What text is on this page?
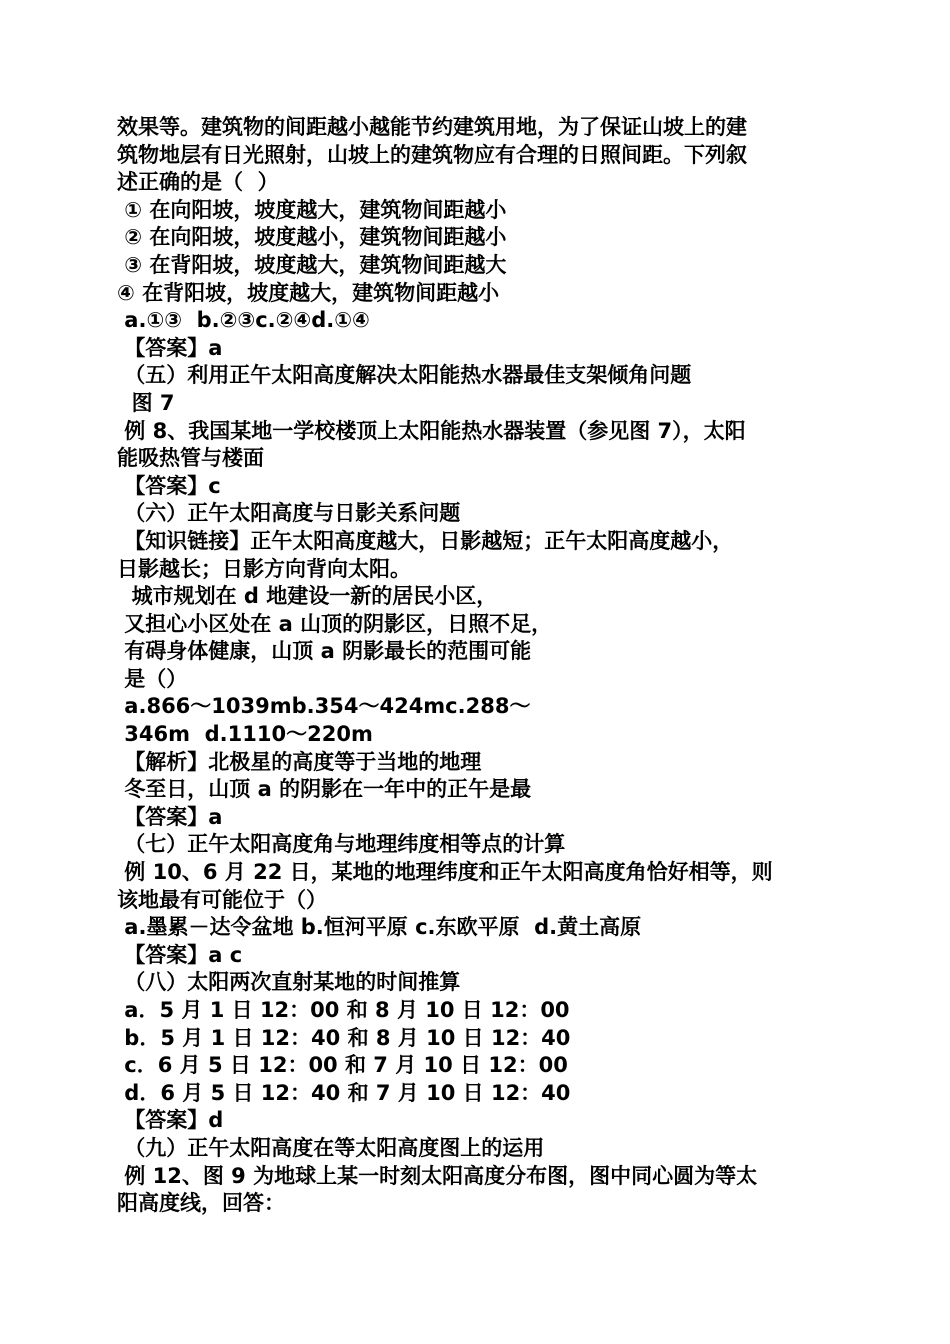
效果等。建筑物的间距越小越能节约建筑用地，为了保证山坡上的建
筑物地层有日光照射，山坡上的建筑物应有合理的日照间距。下列叙
述正确的是（  ）
① 在向阳坡，坡度越大，建筑物间距越小
② 在向阳坡，坡度越小，建筑物间距越小
③ 在背阳坡，坡度越大，建筑物间距越大
④ 在背阳坡，坡度越大，建筑物间距越小
a.①③  b.②③c.②④d.①④
【答案】a
（五）利用正午太阳高度解决太阳能热水器最佳支架倾角问题
图 7
例 8、我国某地一学校楼顶上太阳能热水器装置（参见图 7），太阳
能吸热管与楼面
【答案】c
（六）正午太阳高度与日影关系问题
【知识链接】正午太阳高度越大，日影越短；正午太阳高度越小，
日影越长；日影方向背向太阳。
城市规划在 d 地建设一新的居民小区，
又担心小区处在 a 山顶的阴影区，日照不足，
有碍身体健康，山顶 a 阴影最长的范围可能
是（）
a.866～1039mb.354～424mc.288～
346m  d.1110～220m
【解析】北极星的高度等于当地的地理
冬至日，山顶 a 的阴影在一年中的正午是最
【答案】a
（七）正午太阳高度角与地理纬度相等点的计算
例 10、6 月 22 日，某地的地理纬度和正午太阳高度角恰好相等，则
该地最有可能位于（）
a.墨累－达令盆地 b.恒河平原 c.东欧平原  d.黄土高原
【答案】a c
（八）太阳两次直射某地的时间推算
a．5 月 1 日 12：00 和 8 月 10 日 12：00
b．5 月 1 日 12：40 和 8 月 10 日 12：40
c．6 月 5 日 12：00 和 7 月 10 日 12：00
d．6 月 5 日 12：40 和 7 月 10 日 12：40
【答案】d
（九）正午太阳高度在等太阳高度图上的运用
例 12、图 9 为地球上某一时刻太阳高度分布图，图中同心圆为等太
阳高度线，回答：
